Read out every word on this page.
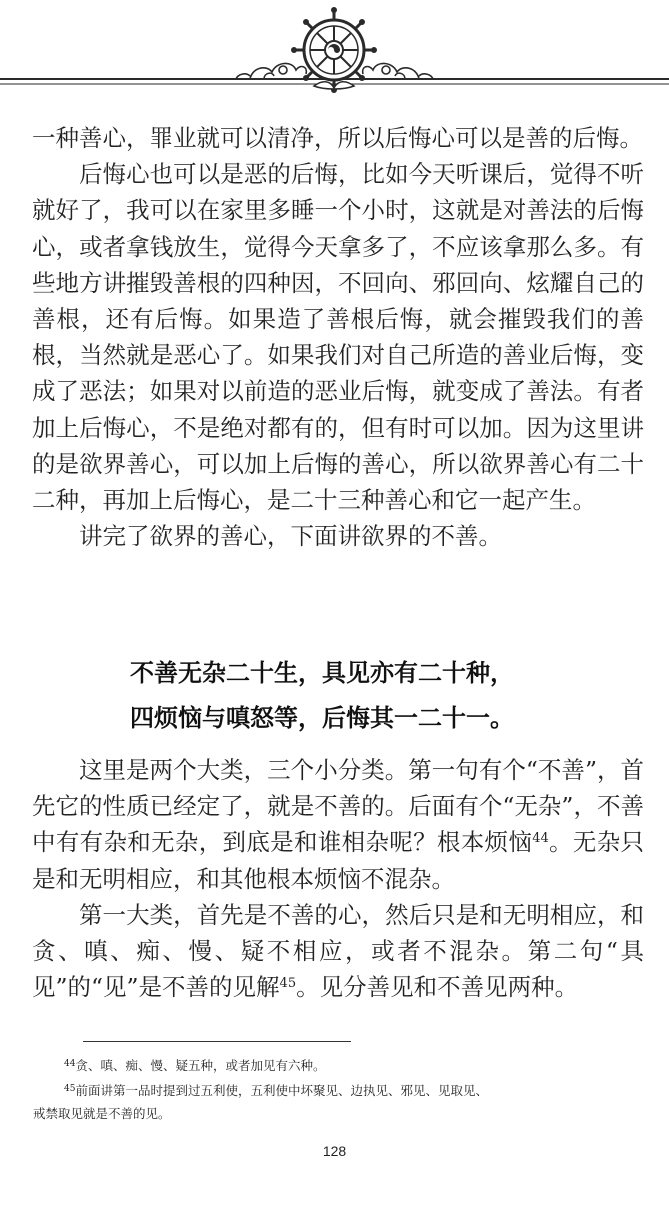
一种善心，罪业就可以清净，所以后悔心可以是善的后悔。

后悔心也可以是恶的后悔，比如今天听课后，觉得不听就好了，我可以在家里多睡一个小时，这就是对善法的后悔心，或者拿钱放生，觉得今天拿多了，不应该拿那么多。有些地方讲摧毁善根的四种因，不回向、邪回向、炫耀自己的善根，还有后悔。如果造了善根后悔，就会摧毁我们的善根，当然就是恶心了。如果我们对自己所造的善业后悔，变成了恶法；如果对以前造的恶业后悔，就变成了善法。有者加上后悔心，不是绝对都有的，但有时可以加。因为这里讲的是欲界善心，可以加上后悔的善心，所以欲界善心有二十二种，再加上后悔心，是二十三种善心和它一起产生。

讲完了欲界的善心，下面讲欲界的不善。

不善无杂二十生，具见亦有二十种，

四烦恼与嗔怒等，后悔其一二十一。

这里是两个大类，三个小分类。第一句有个“不善”，首先它的性质已经定了，就是不善的。后面有个“无杂”，不善中有有杂和无杂，到底是和谁相杂呢？根本烦恼$^{44}$。无杂只是和无明相应，和其他根本烦恼不混杂。

第一大类，首先是不善的心，然后只是和无明相应，和贪、嗔、痴、慢、疑不相应，或者不混杂。第二句“具见”的“见”是不善的见解$^{45}$。见分善见和不善见两种。

$^{44}$贪、嗔、痴、慢、疑五种，或者加见有六种。

$^{45}$前面讲第一品时提到过五利使，五利使中坏聚见、边执见、邪见、见取见、

戒禁取见就是不善的见。

128
